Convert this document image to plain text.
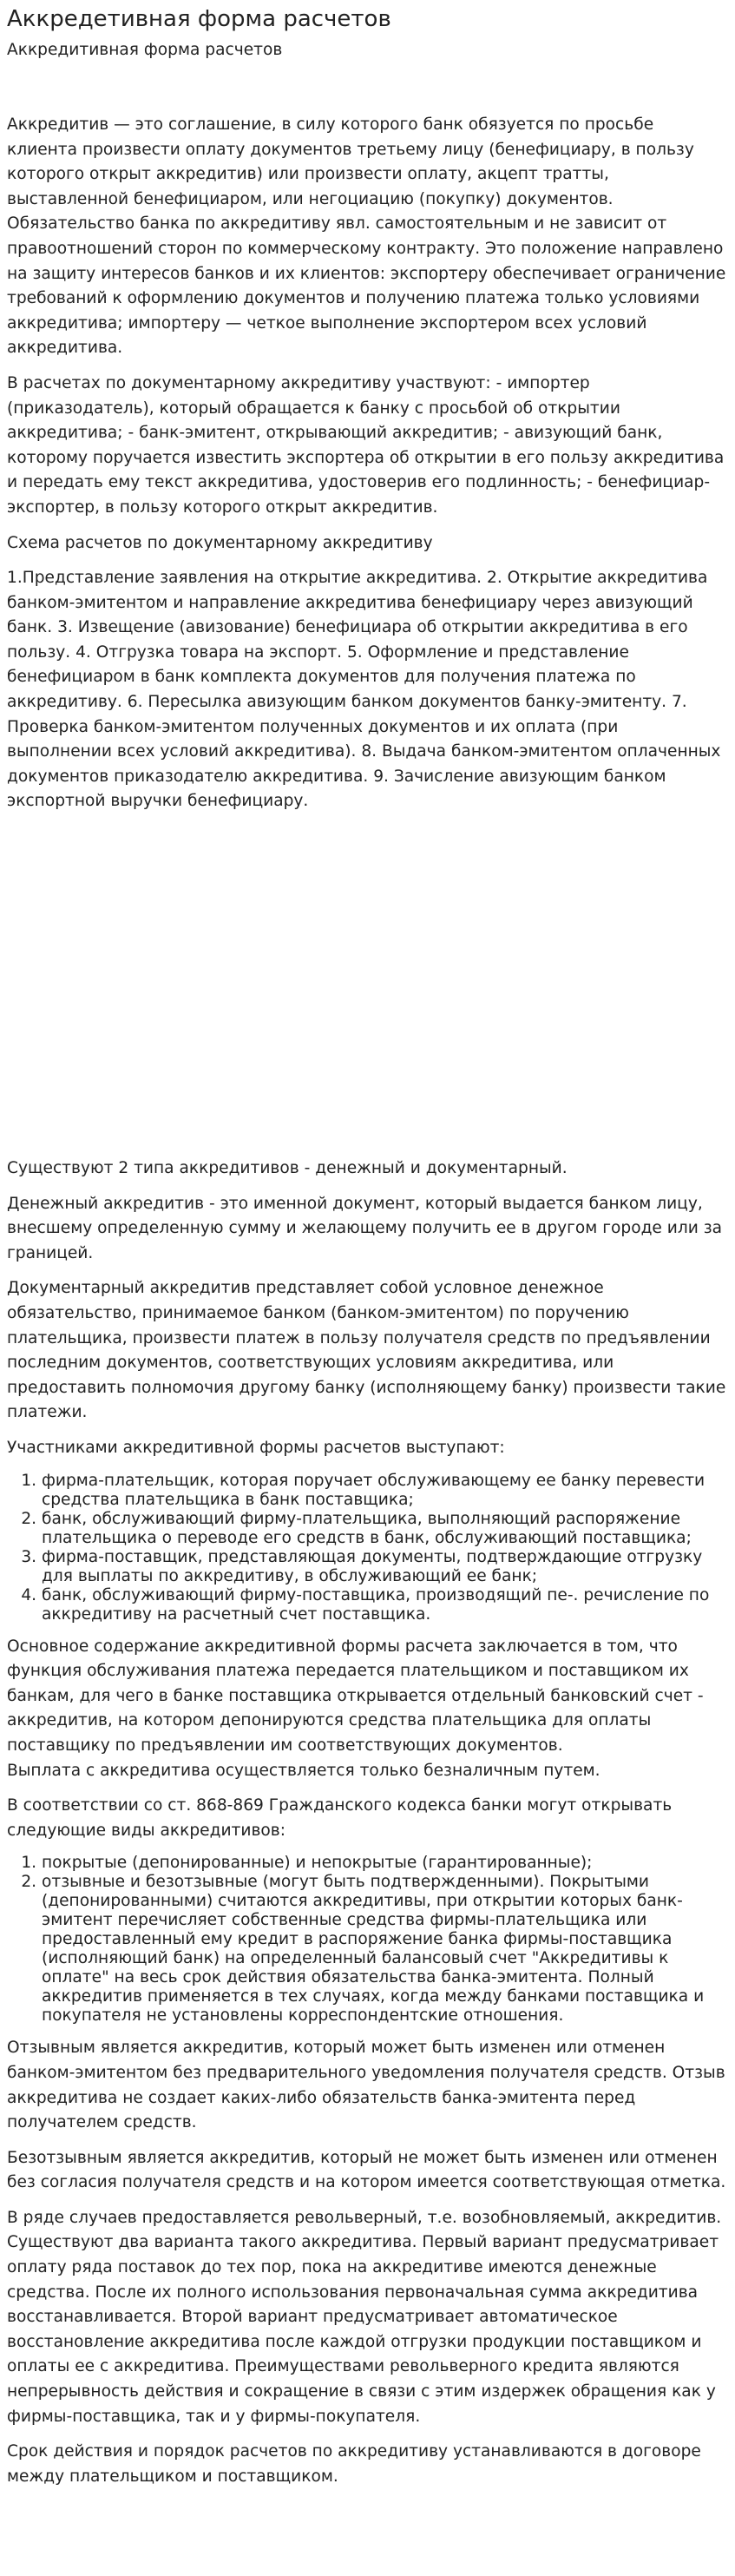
Аккредетивная форма расчетов
Аккредитивная форма расчетов

Аккредитив — это соглашение, в силу которого банк обязуется по просьбе клиента произвести оплату документов третьему лицу (бенефициару, в пользу которого открыт аккредитив) или произвести оплату, акцепт тратты, выставленной бенефициаром, или негоциацию (покупку) документов. Обязательство банка по аккредитиву явл. самостоятельным и не зависит от правоотношений сторон по коммерческому контракту. Это положение направлено на защиту интересов банков и их клиентов: экспортеру обеспечивает ограничение требований к оформлению документов и получению платежа только условиями аккредитива; импортеру — четкое выполнение экспортером всех условий аккредитива.

В расчетах по документарному аккредитиву участвуют: - импортер (приказодатель), который обращается к банку с просьбой об открытии аккредитива; - банк-эмитент, открывающий аккредитив; - авизующий банк, которому поручается известить экспортера об открытии в его пользу аккредитива и передать ему текст аккредитива, удостоверив его подлинность; - бенефициар-экспортер, в пользу которого открыт аккредитив.

Схема расчетов по документарному аккредитиву

1.Представление заявления на открытие аккредитива. 2. Открытие аккредитива банком-эмитентом и направление аккредитива бенефициару через авизующий банк. 3. Извещение (авизование) бенефициара об открытии аккредитива в его пользу. 4. Отгрузка товара на экспорт. 5. Оформление и представление бенефициаром в банк комплекта документов для получения платежа по аккредитиву. 6. Пересылка авизующим банком документов банку-эмитенту. 7. Проверка банком-эмитентом полученных документов и их оплата (при выполнении всех условий аккредитива). 8. Выдача банком-эмитентом оплаченных документов приказодателю аккредитива. 9. Зачисление авизующим банком экспортной выручки бенефициару.

Существуют 2 типа аккредитивов - денежный и документарный.

Денежный аккредитив - это именной документ, который выдается банком лицу, внесшему определенную сумму и желающему получить ее в другом городе или за границей.

Документарный аккредитив представляет собой условное денежное обязательство, принимаемое банком (банком-эмитентом) по поручению плательщика, произвести платеж в пользу получателя средств по предъявлении последним документов, соответствующих условиям аккредитива, или предоставить полномочия другому банку (исполняющему банку) произвести такие платежи.

Участниками аккредитивной формы расчетов выступают:

1. фирма-плательщик, которая поручает обслуживающему ее банку перевести средства плательщика в банк поставщика;
2. банк, обслуживающий фирму-плательщика, выполняющий распоряжение плательщика о переводе его средств в банк, обслуживающий поставщика;
3. фирма-поставщик, представляющая документы, подтверждающие отгрузку для выплаты по аккредитиву, в обслуживающий ее банк;
4. банк, обслуживающий фирму-поставщика, производящий пе-. речисление по аккредитиву на расчетный счет поставщика.

Основное содержание аккредитивной формы расчета заключается в том, что функция обслуживания платежа передается плательщиком и поставщиком их банкам, для чего в банке поставщика открывается отдельный банковский счет - аккредитив, на котором депонируются средства плательщика для оплаты поставщику по предъявлении им соответствующих документов.
Выплата с аккредитива осуществляется только безналичным путем.

В соответствии со ст. 868-869 Гражданского кодекса банки могут открывать следующие виды аккредитивов:

1. покрытые (депонированные) и непокрытые (гарантированные);
2. отзывные и безотзывные (могут быть подтвержденными). Покрытыми (депонированными) считаются аккредитивы, при открытии которых банк-эмитент перечисляет собственные средства фирмы-плательщика или предоставленный ему кредит в распоряжение банка фирмы-поставщика (исполняющий банк) на определенный балансовый счет "Аккредитивы к оплате" на весь срок действия обязательства банка-эмитента. Полный аккредитив применяется в тех случаях, когда между банками поставщика и покупателя не установлены корреспондентские отношения.

Отзывным является аккредитив, который может быть изменен или отменен банком-эмитентом без предварительного уведомления получателя средств. Отзыв аккредитива не создает каких-либо обязательств банка-эмитента перед получателем средств.

Безотзывным является аккредитив, который не может быть изменен или отменен без согласия получателя средств и на котором имеется соответствующая отметка.

В ряде случаев предоставляется револьверный, т.е. возобновляемый, аккредитив. Существуют два варианта такого аккредитива. Первый вариант предусматривает оплату ряда поставок до тех пор, пока на аккредитиве имеются денежные средства. После их полного использования первоначальная сумма аккредитива восстанавливается. Второй вариант предусматривает автоматическое восстановление аккредитива после каждой отгрузки продукции поставщиком и оплаты ее с аккредитива. Преимуществами револьверного кредита являются непрерывность действия и сокращение в связи с этим издержек обращения как у фирмы-поставщика, так и у фирмы-покупателя.

Срок действия и порядок расчетов по аккредитиву устанавливаются в договоре между плательщиком и поставщиком.
